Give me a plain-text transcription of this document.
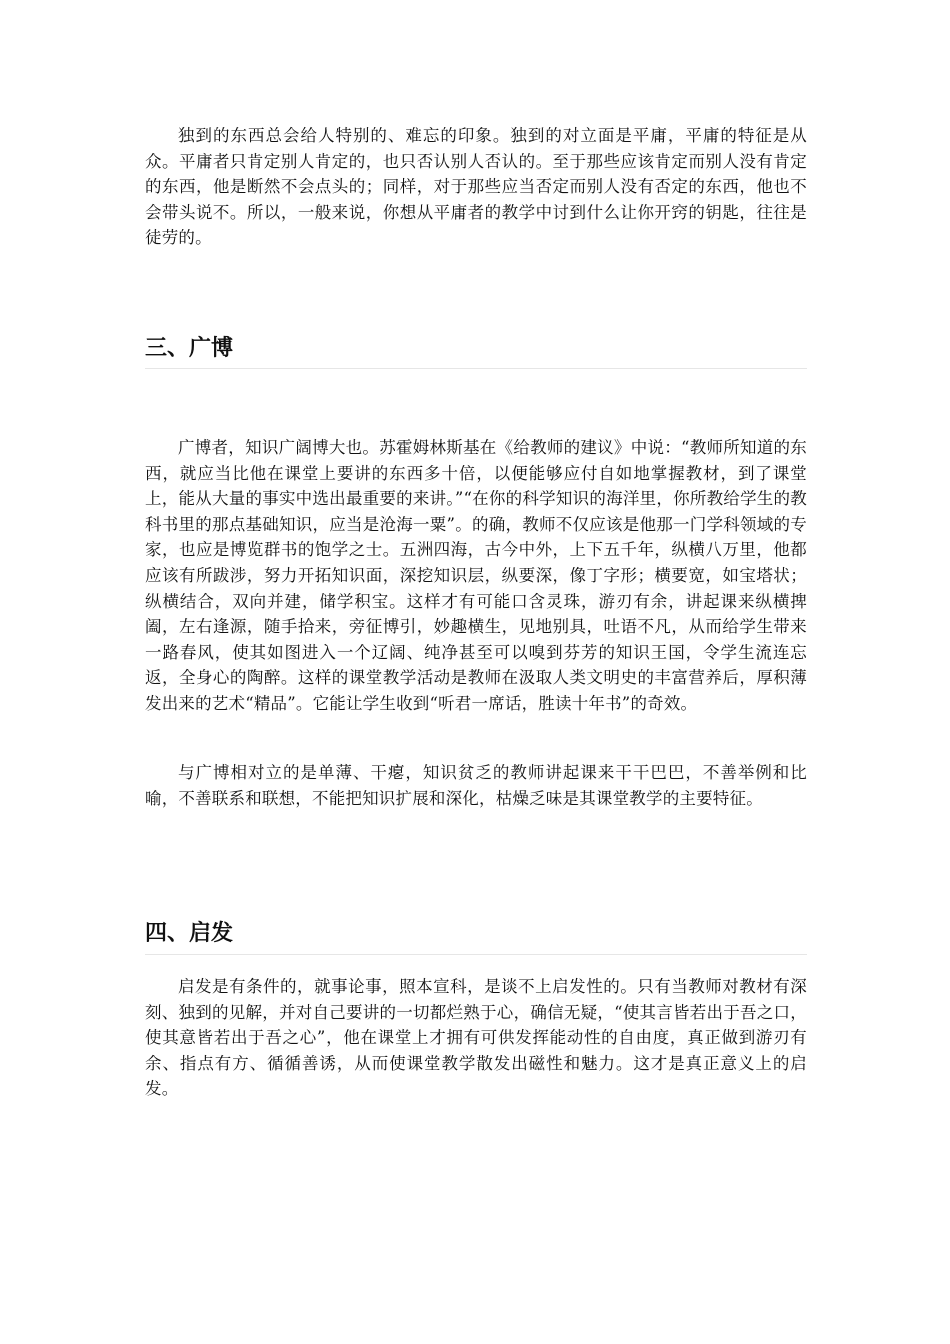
独到的东西总会给人特别的、难忘的印象。独到的对立面是平庸，平庸的特征是从众。平庸者只肯定别人肯定的，也只否认别人否认的。至于那些应该肯定而别人没有肯定的东西，他是断然不会点头的；同样，对于那些应当否定而别人没有否定的东西，他也不会带头说不。所以，一般来说，你想从平庸者的教学中讨到什么让你开窍的钥匙，往往是徒劳的。

三、广博

广博者，知识广阔博大也。苏霍姆林斯基在《给教师的建议》中说：“教师所知道的东西，就应当比他在课堂上要讲的东西多十倍，以便能够应付自如地掌握教材，到了课堂上，能从大量的事实中选出最重要的来讲。”“在你的科学知识的海洋里，你所教给学生的教科书里的那点基础知识，应当是沧海一粟”。的确，教师不仅应该是他那一门学科领域的专家，也应是博览群书的饱学之士。五洲四海，古今中外，上下五千年，纵横八万里，他都应该有所跋涉，努力开拓知识面，深挖知识层，纵要深，像丁字形；横要宽，如宝塔状；纵横结合，双向并建，储学积宝。这样才有可能口含灵珠，游刃有余，讲起课来纵横捭阖，左右逢源，随手拾来，旁征博引，妙趣横生，见地别具，吐语不凡，从而给学生带来一路春风，使其如图进入一个辽阔、纯净甚至可以嗅到芬芳的知识王国，令学生流连忘返，全身心的陶醉。这样的课堂教学活动是教师在汲取人类文明史的丰富营养后，厚积薄发出来的艺术“精品”。它能让学生收到“听君一席话，胜读十年书”的奇效。

与广博相对立的是单薄、干瘪，知识贫乏的教师讲起课来干干巴巴，不善举例和比喻，不善联系和联想，不能把知识扩展和深化，枯燥乏味是其课堂教学的主要特征。

四、启发

启发是有条件的，就事论事，照本宣科，是谈不上启发性的。只有当教师对教材有深刻、独到的见解，并对自己要讲的一切都烂熟于心，确信无疑，“使其言皆若出于吾之口，使其意皆若出于吾之心”，他在课堂上才拥有可供发挥能动性的自由度，真正做到游刃有余、指点有方、循循善诱，从而使课堂教学散发出磁性和魅力。这才是真正意义上的启发。
